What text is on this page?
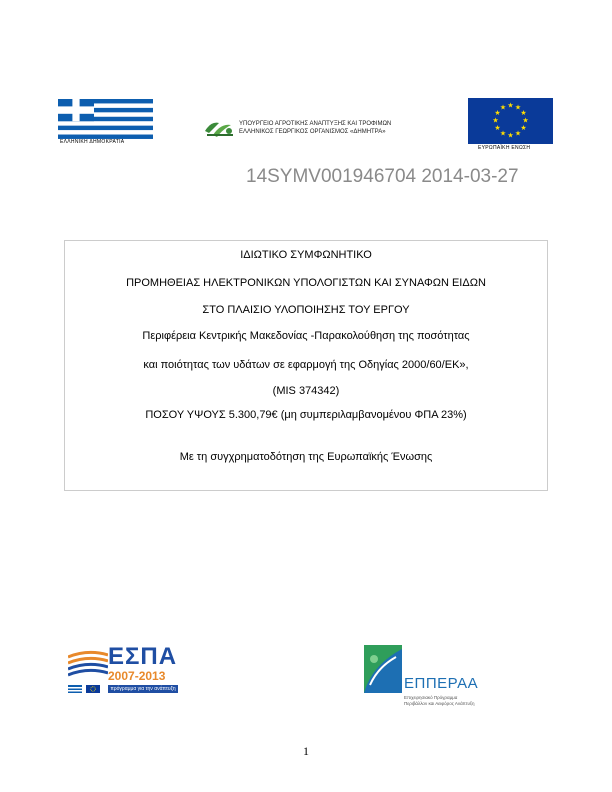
ΕΛΛΗΝΙΚΗ ΔΗΜΟΚΡΑΤΙΑ
ΥΠΟΥΡΓΕΙΟ ΑΓΡΟΤΙΚΗΣ ΑΝΑΠΤΥΞΗΣ ΚΑΙ ΤΡΟΦΙΜΩΝ
ΕΛΛΗΝΙΚΟΣ ΓΕΩΡΓΙΚΟΣ ΟΡΓΑΝΙΣΜΟΣ «ΔΗΜΗΤΡΑ»
★ ★
★
★
★
★
★
★
★
★
★
★
ΕΥΡΩΠΑΪΚΗ ΕΝΩΣΗ
14SYMV001946704 2014-03-27
ΙΔΙΩΤΙΚΟ ΣΥΜΦΩΝΗΤΙΚΟ
ΠΡΟΜΗΘΕΙΑΣ ΗΛΕΚΤΡΟΝΙΚΩΝ ΥΠΟΛΟΓΙΣΤΩΝ ΚΑΙ ΣΥΝΑΦΩΝ ΕΙΔΩΝ
ΣΤΟ ΠΛΑΙΣΙΟ ΥΛΟΠΟΙΗΣΗΣ ΤΟΥ ΕΡΓΟΥ
Περιφέρεια Κεντρικής Μακεδονίας -Παρακολούθηση της ποσότητας
και ποιότητας των υδάτων σε εφαρμογή της Οδηγίας 2000/60/ΕΚ»,
(MIS 374342)
ΠΟΣΟΥ ΥΨΟΥΣ 5.300,79€ (μη συμπεριλαμβανομένου ΦΠΑ 23%)
Με τη συγχρηματοδότηση της Ευρωπαϊκής Ένωσης
ΕΣΠΑ
2007-2013
πρόγραμμα για την ανάπτυξη	ΕΠΠΕΡΑΑ
Επιχειρησιακό Πρόγραμμα
Περιβάλλον και Αειφόρος Ανάπτυξη
1
